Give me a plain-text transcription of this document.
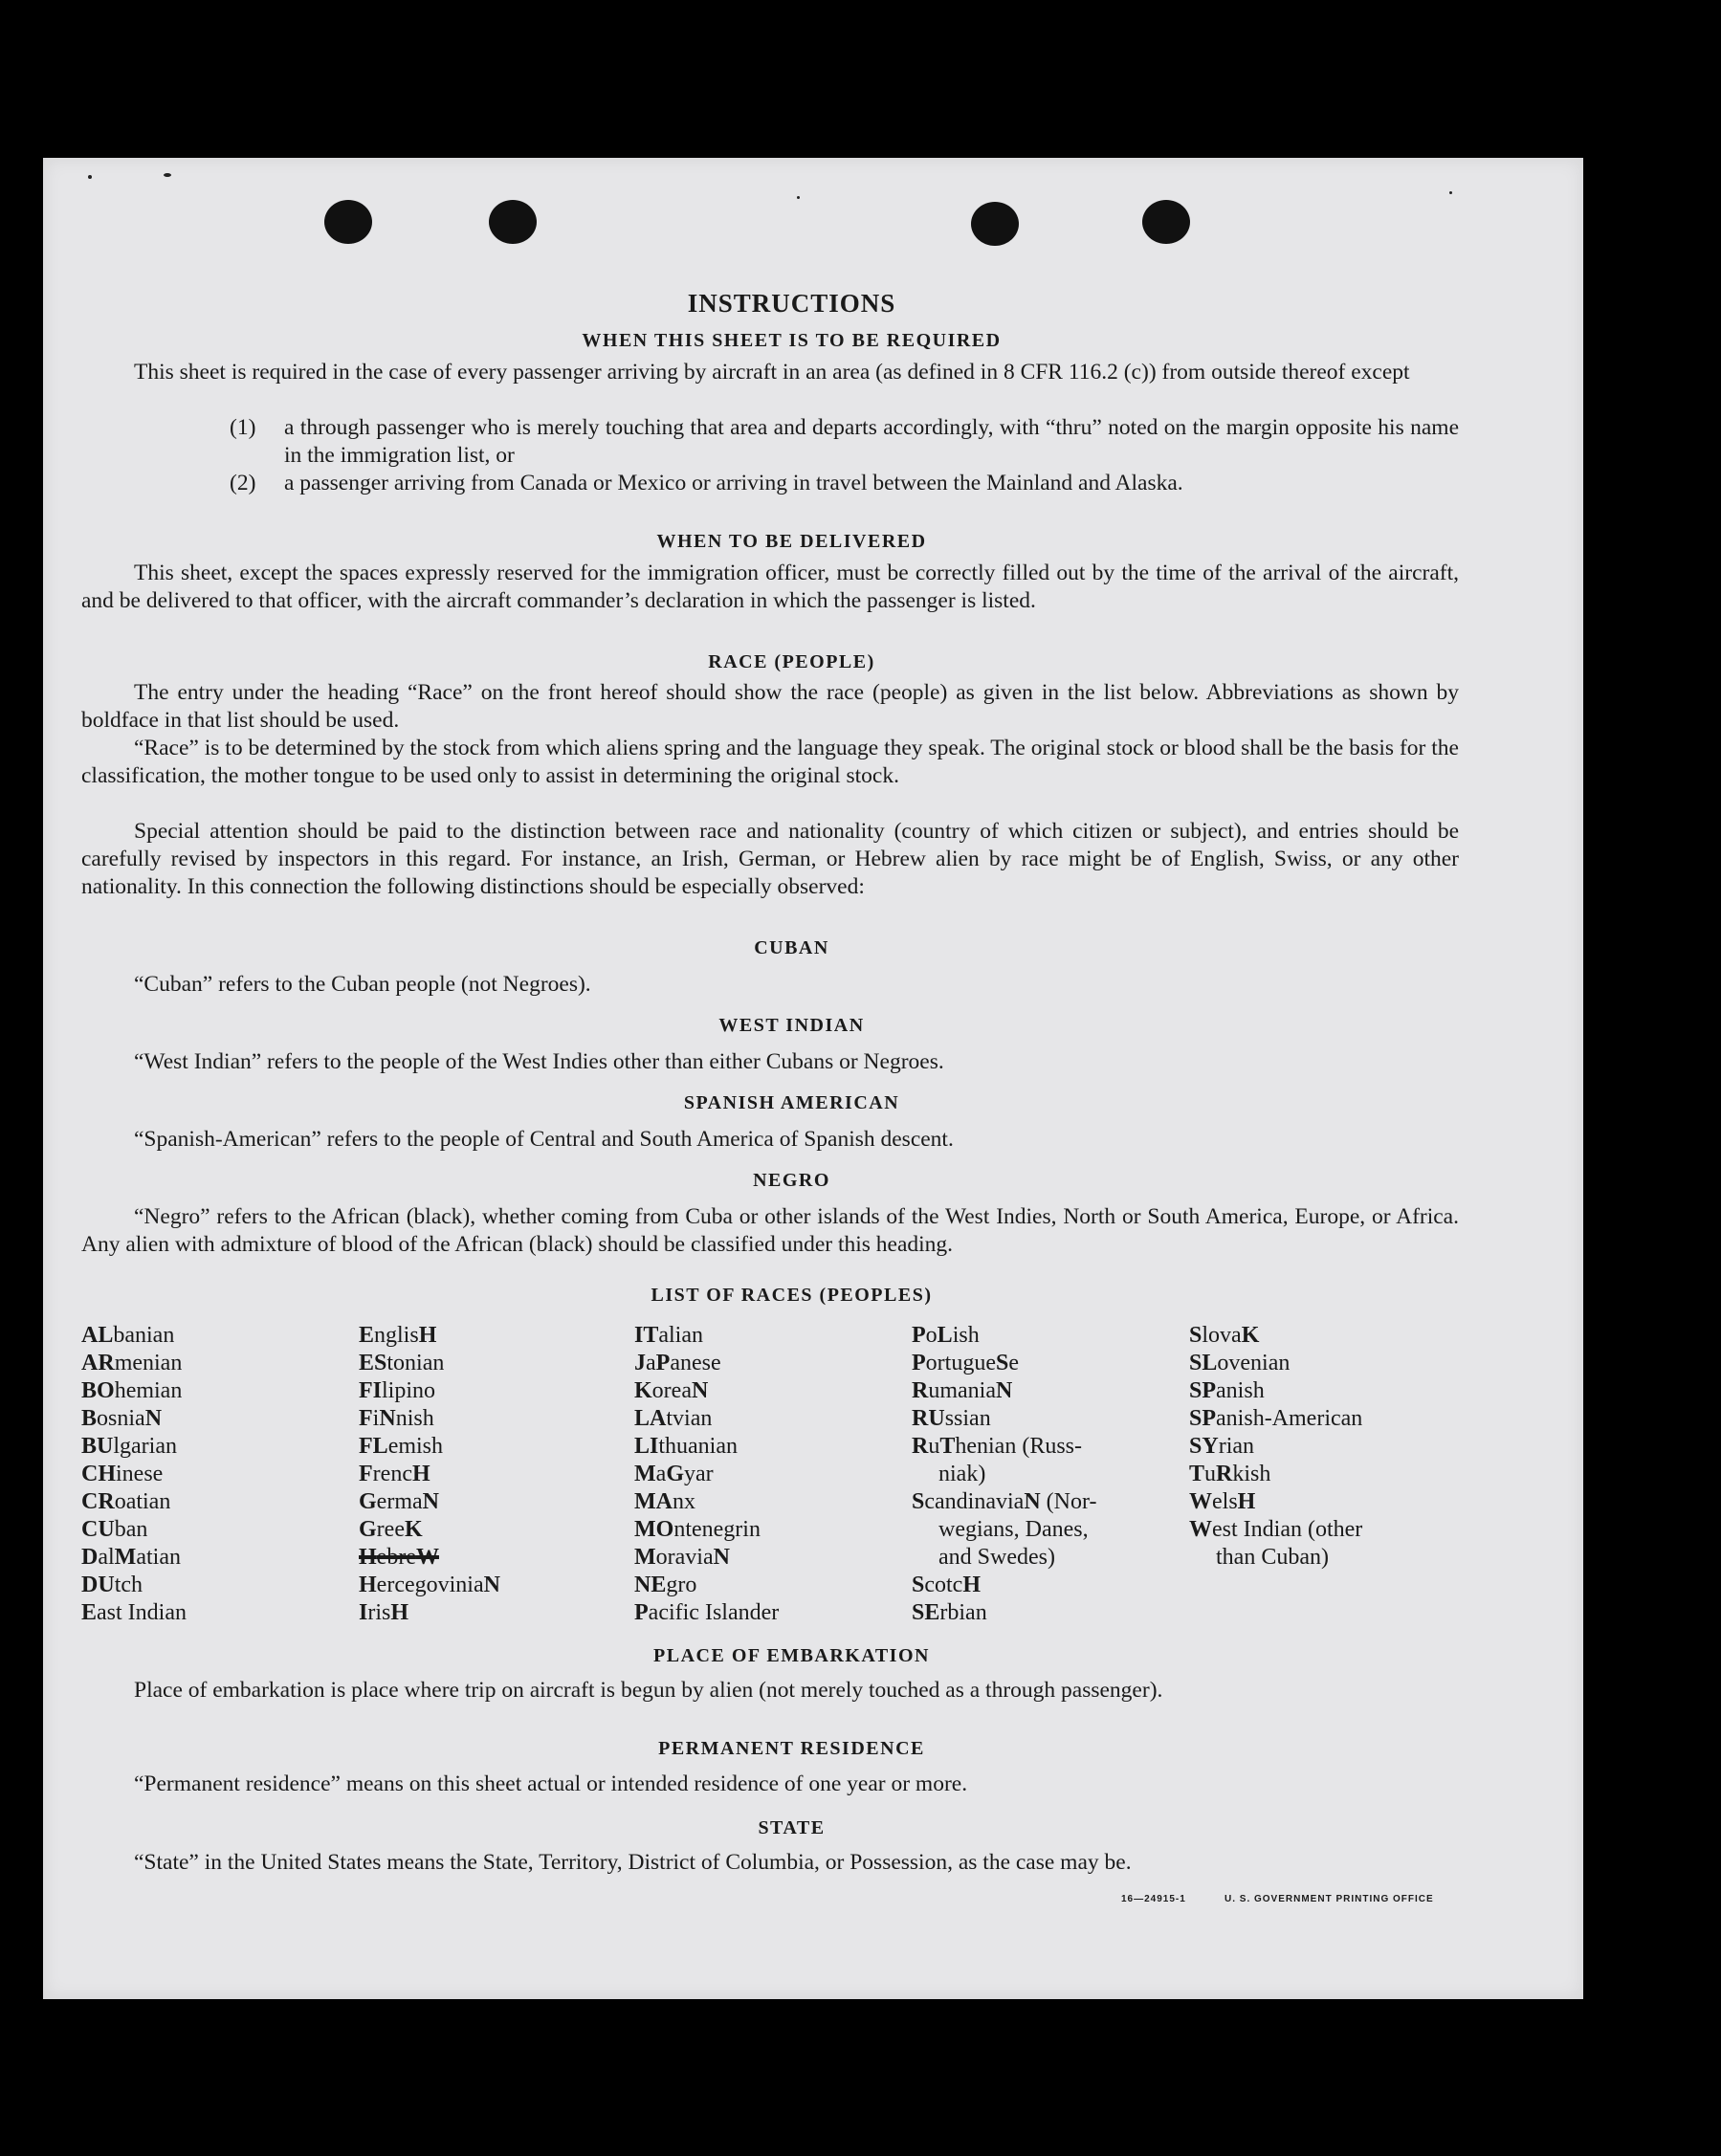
INSTRUCTIONS
WHEN THIS SHEET IS TO BE REQUIRED
This sheet is required in the case of every passenger arriving by aircraft in an area (as defined in 8 CFR 116.2 (c)) from outside thereof except
(1)	a through passenger who is merely touching that area and departs accordingly, with “thru” noted on the margin opposite his name in the immigration list, or
(2)	a passenger arriving from Canada or Mexico or arriving in travel between the Mainland and Alaska.
WHEN TO BE DELIVERED
This sheet, except the spaces expressly reserved for the immigration officer, must be correctly filled out by the time of the arrival of the aircraft, and be delivered to that officer, with the aircraft commander’s declaration in which the passenger is listed.
RACE (PEOPLE)
The entry under the heading “Race” on the front hereof should show the race (people) as given in the list below. Abbreviations as shown by boldface in that list should be used.
“Race” is to be determined by the stock from which aliens spring and the language they speak. The original stock or blood shall be the basis for the classification, the mother tongue to be used only to assist in determining the original stock.
Special attention should be paid to the distinction between race and nationality (country of which citizen or subject), and entries should be carefully revised by inspectors in this regard. For instance, an Irish, German, or Hebrew alien by race might be of English, Swiss, or any other nationality. In this connection the following distinctions should be especially observed:
CUBAN
“Cuban” refers to the Cuban people (not Negroes).
WEST INDIAN
“West Indian” refers to the people of the West Indies other than either Cubans or Negroes.
SPANISH AMERICAN
“Spanish-American” refers to the people of Central and South America of Spanish descent.
NEGRO
“Negro” refers to the African (black), whether coming from Cuba or other islands of the West Indies, North or South America, Europe, or Africa. Any alien with admixture of blood of the African (black) should be classified under this heading.
LIST OF RACES (PEOPLES)
ALbanian
ARmenian
BOhemian
BosniaN
BUlgarian
CHinese
CRoatian
CUban
DalMatian
DUtch
East Indian
EnglisH
EStonian
FIlipino
FiNnish
FLemish
FrencH
GermaN
GreeK
HebreW
HercegoviniaN
IrisH
ITalian
JaPanese
KoreaN
LAtvian
LIthuanian
MaGyar
MAnx
MOntenegrin
MoraviaN
NEgro
Pacific Islander
PoLish
PortugueSe
RumaniaN
RUssian
RuThenian (Russ-
niak)
ScandinaviaN (Nor-
wegians, Danes,
and Swedes)
ScotcH
SErbian
SlovaK
SLovenian
SPanish
SPanish-American
SYrian
TuRkish
WelsH
West Indian (other
than Cuban)
PLACE OF EMBARKATION
Place of embarkation is place where trip on aircraft is begun by alien (not merely touched as a through passenger).
PERMANENT RESIDENCE
“Permanent residence” means on this sheet actual or intended residence of one year or more.
STATE
“State” in the United States means the State, Territory, District of Columbia, or Possession, as the case may be.
16—24915-1	U. S. GOVERNMENT PRINTING OFFICE
